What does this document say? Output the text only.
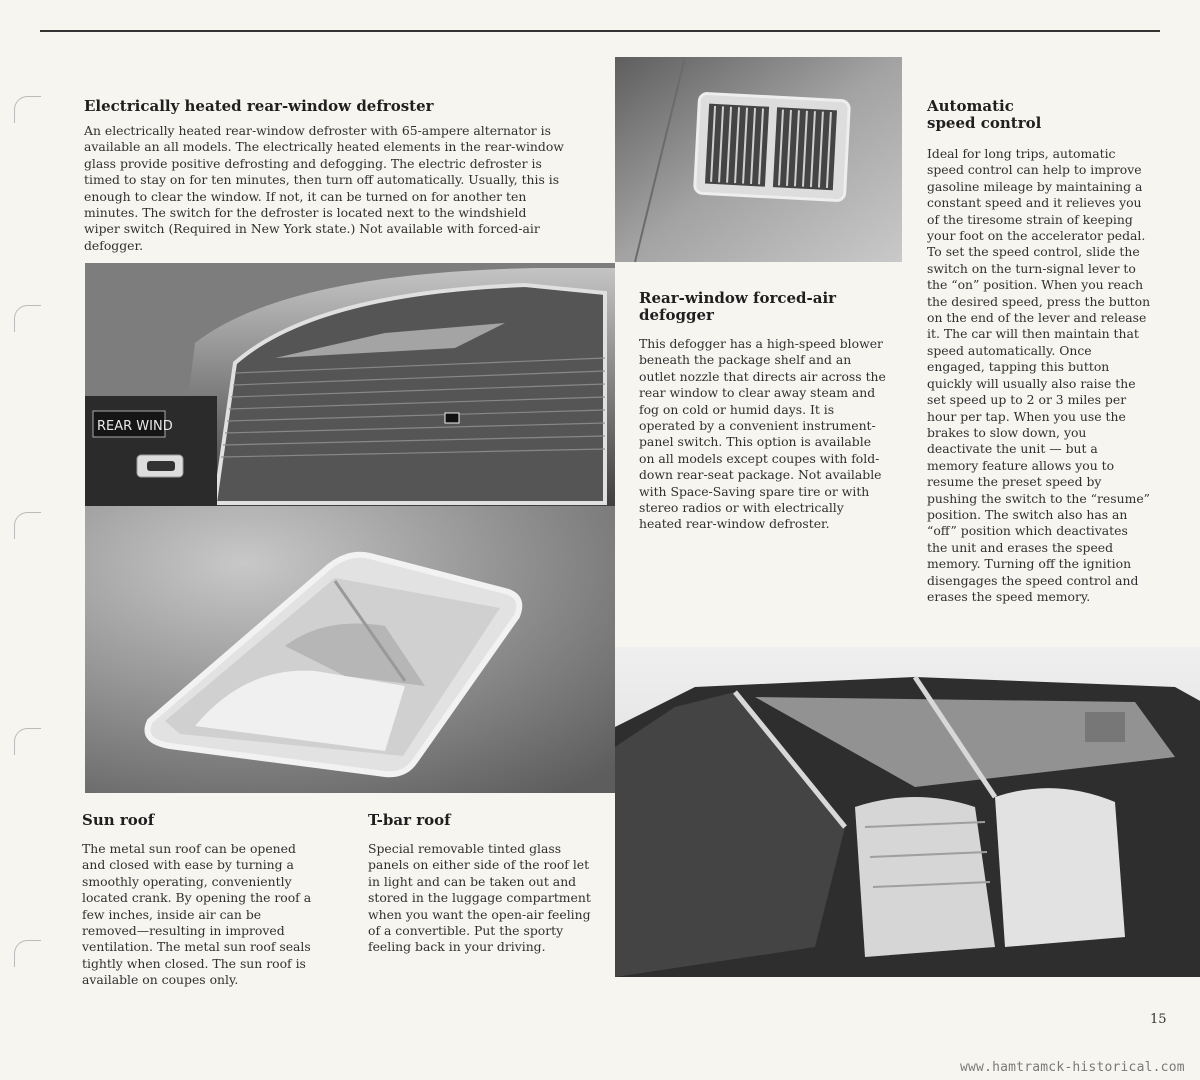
Electrically heated rear-window defroster

An electrically heated rear-window defroster with 65-ampere alternator is available an all models. The electrically heated elements in the rear-window glass provide positive defrosting and defogging. The electric defroster is timed to stay on for ten minutes, then turn off automatically. Usually, this is enough to clear the window. If not, it can be turned on for another ten minutes. The switch for the defroster is located next to the windshield wiper switch (Required in New York state.) Not available with forced-air defogger.

Automatic
speed control

Ideal for long trips, automatic speed control can help to improve gasoline mileage by maintaining a constant speed and it relieves you of the tiresome strain of keeping your foot on the accelerator pedal. To set the speed control, slide the switch on the turn-signal lever to the “on” position. When you reach the desired speed, press the button on the end of the lever and release it. The car will then maintain that speed automatically. Once engaged, tapping this button quickly will usually also raise the set speed up to 2 or 3 miles per hour per tap. When you use the brakes to slow down, you deactivate the unit — but a memory feature allows you to resume the preset speed by pushing the switch to the “resume” position. The switch also has an “off” position which deactivates the unit and erases the speed memory. Turning off the ignition disengages the speed control and erases the speed memory.

REAR WIND
Rear-window forced-air defogger

This defogger has a high-speed blower beneath the package shelf and an outlet nozzle that directs air across the rear window to clear away steam and fog on cold or humid days. It is operated by a convenient instrument-panel switch. This option is available on all models except coupes with fold-down rear-seat package. Not available with Space-Saving spare tire or with stereo radios or with electrically heated rear-window defroster.

Sun roof

The metal sun roof can be opened and closed with ease by turning a smoothly operating, conveniently located crank. By opening the roof a few inches, inside air can be removed—resulting in improved ventilation. The metal sun roof seals tightly when closed. The sun roof is available on coupes only.

T-bar roof

Special removable tinted glass panels on either side of the roof let in light and can be taken out and stored in the luggage compartment when you want the open-air feeling of a convertible. Put the sporty feeling back in your driving.

15
www.hamtramck-historical.com
